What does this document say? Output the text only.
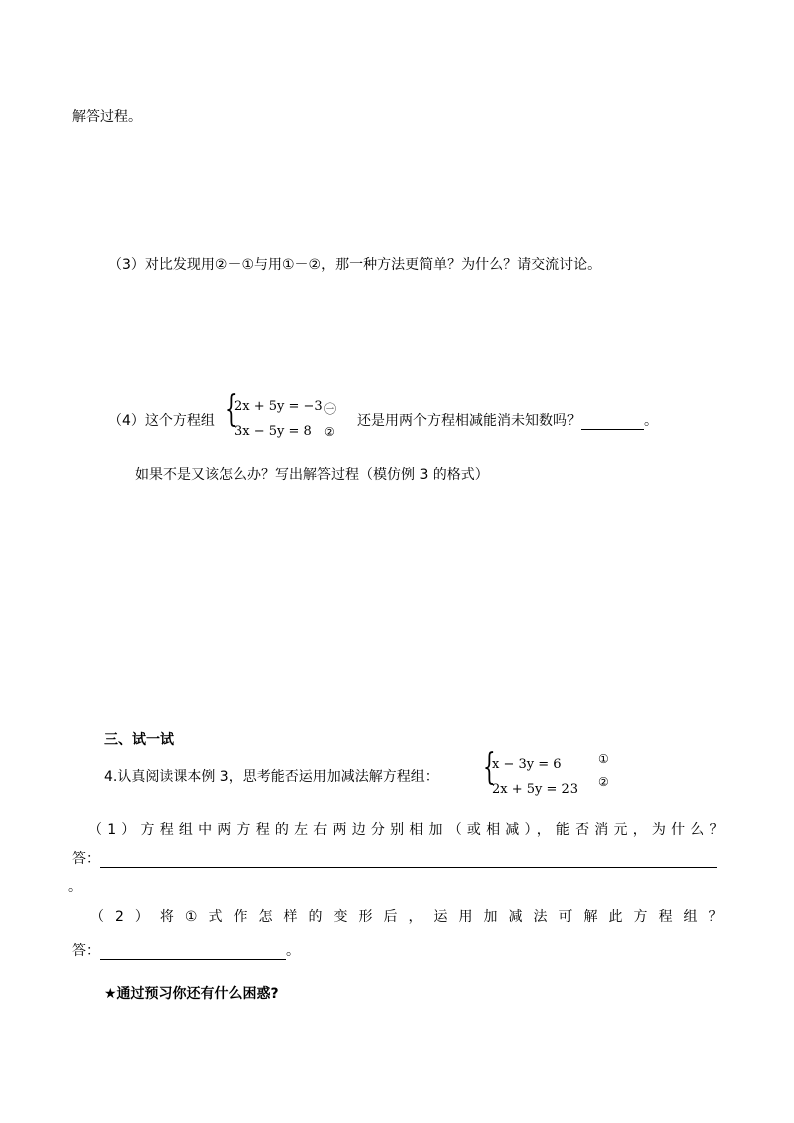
解答过程。
（3）对比发现用②－①与用①－②，那一种方法更简单？为什么？请交流讨论。
（4）这个方程组 {
2x + 5y = −3
3x − 5y = 8
㊀
②
还是用两个方程相减能消未知数吗？	。
如果不是又该怎么办？写出解答过程（模仿例 3 的格式）
三、试一试
4.认真阅读课本例 3，思考能否运用加减法解方程组： {
x − 3y = 6
2x + 5y = 23
①
②
（1）方程组中两方程的左右两边分别相加（或相减），能否消元，为什么？
答：
。
（2）将①式作怎样的变形后，运用加减法可解此方程组？
答：	。
★通过预习你还有什么困惑?
